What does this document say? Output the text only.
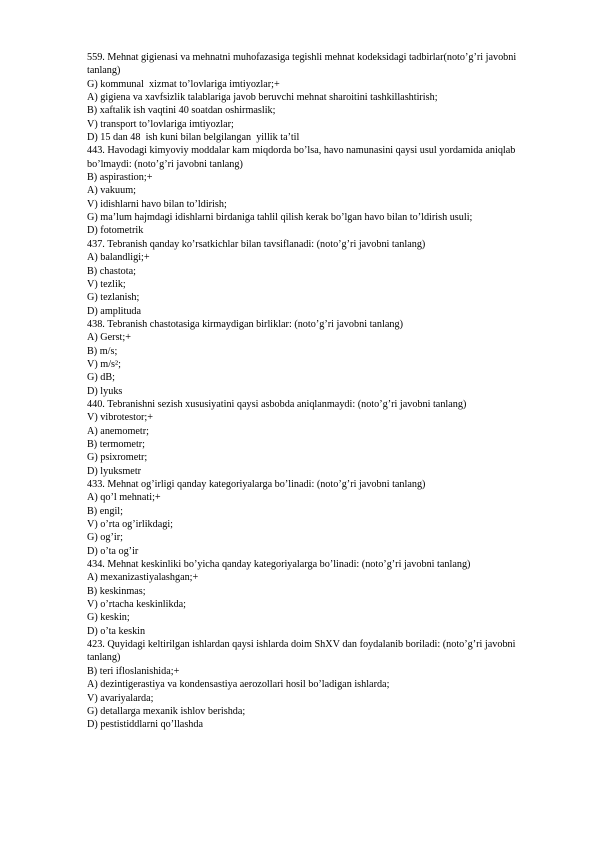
559. Mehnat gigienasi va mehnatni muhofazasiga tegishli mehnat kodeksidagi tadbirlar(noto’g’ri javobni tanlang)
G) kommunal  xizmat to’lovlariga imtiyozlar;+
A) gigiena va xavfsizlik talablariga javob beruvchi mehnat sharoitini tashkillashtirish;
B) xaftalik ish vaqtini 40 soatdan oshirmaslik;
V) transport to’lovlariga imtiyozlar;
D) 15 dan 48  ish kuni bilan belgilangan  yillik ta’til
443. Havodagi kimyoviy moddalar kam miqdorda bo’lsa, havo namunasini qaysi usul yordamida aniqlab bo’lmaydi: (noto’g’ri javobni tanlang)
B) aspirastion;+
A) vakuum;
V) idishlarni havo bilan to’ldirish;
G) ma’lum hajmdagi idishlarni birdaniga tahlil qilish kerak bo’lgan havo bilan to’ldirish usuli;
D) fotometrik
437. Tebranish qanday ko’rsatkichlar bilan tavsiflanadi: (noto’g’ri javobni tanlang)
A) balandligi;+
B) chastota;
V) tezlik;
G) tezlanish;
D) amplituda
438. Tebranish chastotasiga kirmaydigan birliklar: (noto’g’ri javobni tanlang)
A) Gerst;+
B) m/s;
V) m/s²;
G) dB;
D) lyuks
440. Tebranishni sezish xususiyatini qaysi asbobda aniqlanmaydi: (noto’g’ri javobni tanlang)
V) vibrotestor;+
A) anemometr;
B) termometr;
G) psixrometr;
D) lyuksmetr
433. Mehnat og’irligi qanday kategoriyalarga bo’linadi: (noto’g’ri javobni tanlang)
A) qo’l mehnati;+
B) engil;
V) o’rta og’irlikdagi;
G) og’ir;
D) o’ta og’ir
434. Mehnat keskinliki bo’yicha qanday kategoriyalarga bo’linadi: (noto’g’ri javobni tanlang)
A) mexanizastiyalashgan;+
B) keskinmas;
V) o’rtacha keskinlikda;
G) keskin;
D) o’ta keskin
423. Quyidagi keltirilgan ishlardan qaysi ishlarda doim ShXV dan foydalanib boriladi: (noto’g’ri javobni tanlang)
B) teri ifloslanishida;+
A) dezintigerastiya va kondensastiya aerozollari hosil bo’ladigan ishlarda;
V) avariyalarda;
G) detallarga mexanik ishlov berishda;
D) pestistiddlarni qo’llashda
